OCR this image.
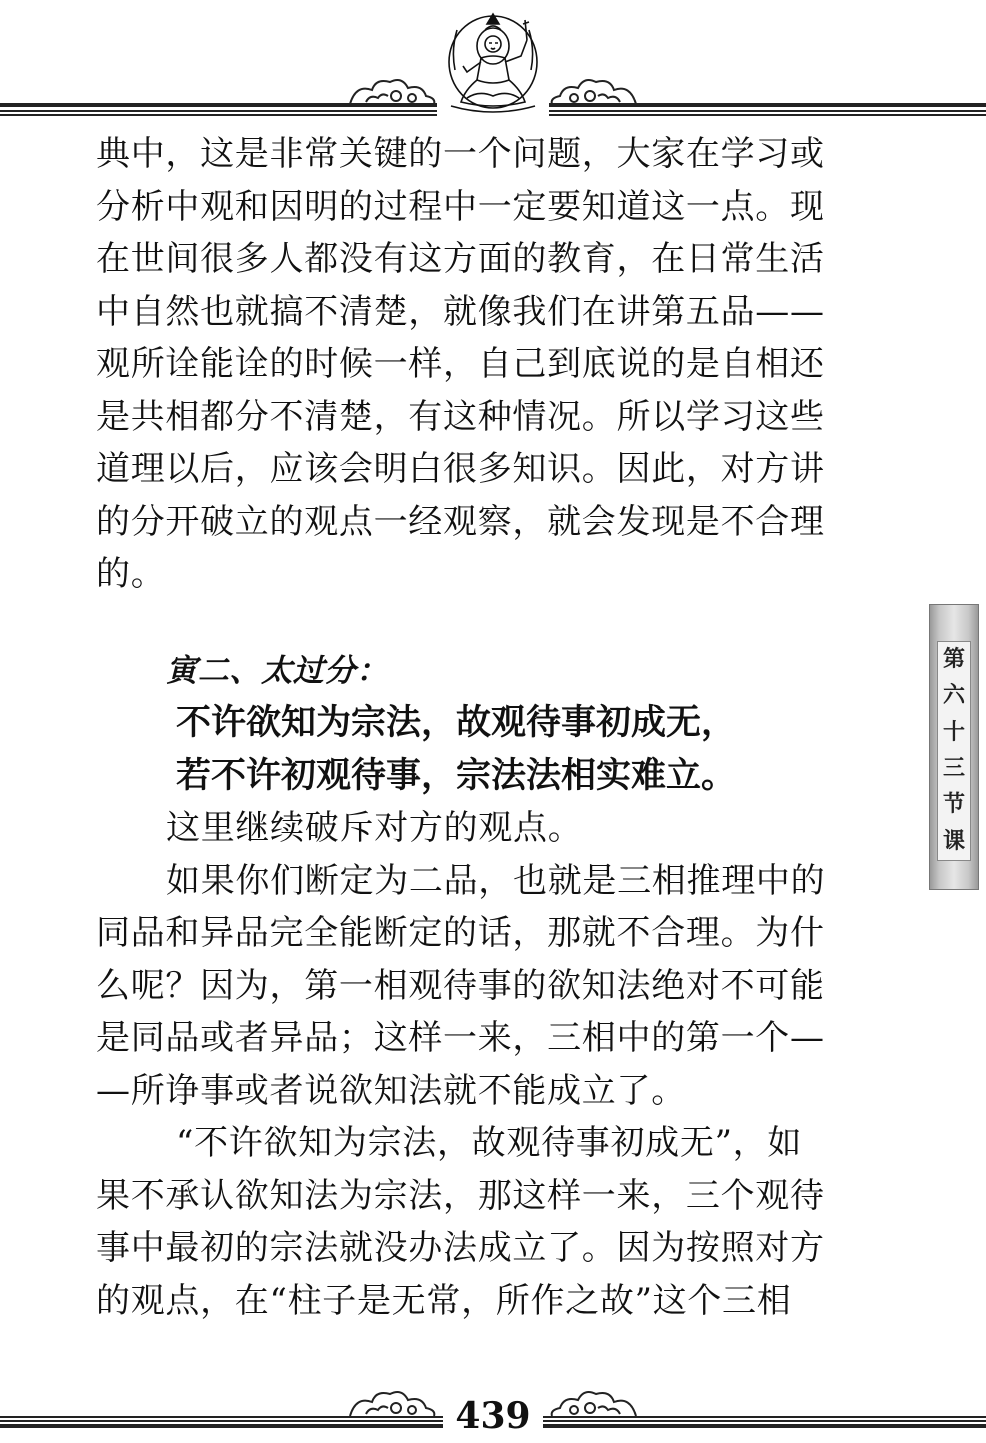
典中，这是非常关键的一个问题，大家在学习或
分析中观和因明的过程中一定要知道这一点。现
在世间很多人都没有这方面的教育，在日常生活
中自然也就搞不清楚，就像我们在讲第五品——
观所诠能诠的时候一样，自己到底说的是自相还
是共相都分不清楚，有这种情况。所以学习这些
道理以后，应该会明白很多知识。因此，对方讲
的分开破立的观点一经观察，就会发现是不合理
的。
寅二、太过分：
不许欲知为宗法，故观待事初成无，
若不许初观待事，宗法法相实难立。
这里继续破斥对方的观点。
如果你们断定为二品，也就是三相推理中的
同品和异品完全能断定的话，那就不合理。为什
么呢？因为，第一相观待事的欲知法绝对不可能
是同品或者异品；这样一来，三相中的第一个—
—所诤事或者说欲知法就不能成立了。
“不许欲知为宗法，故观待事初成无”，如
果不承认欲知法为宗法，那这样一来，三个观待
事中最初的宗法就没办法成立了。因为按照对方
的观点，在“柱子是无常，所作之故”这个三相
第
六
十
三
节
课
439
